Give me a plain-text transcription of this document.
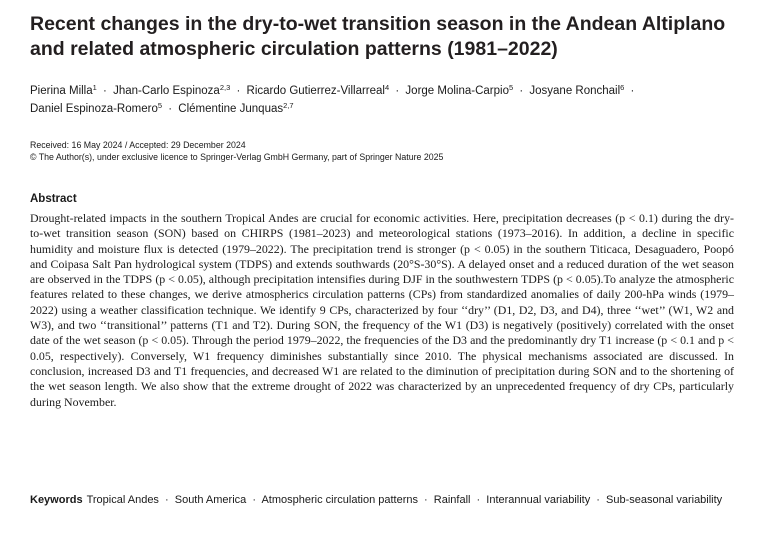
Recent changes in the dry-to-wet transition season in the Andean Altiplano and related atmospheric circulation patterns (1981–2022)
Pierina Milla$^1$ · Jhan-Carlo Espinoza$^{2,3}$ · Ricardo Gutierrez-Villarreal$^4$ · Jorge Molina-Carpio$^5$ · Josyane Ronchail$^6$ · Daniel Espinoza-Romero$^5$ · Clémentine Junquas$^{2,7}$
Received: 16 May 2024 / Accepted: 29 December 2024
© The Author(s), under exclusive licence to Springer-Verlag GmbH Germany, part of Springer Nature 2025
Abstract
Drought-related impacts in the southern Tropical Andes are crucial for economic activities. Here, precipitation decreases (p < 0.1) during the dry-to-wet transition season (SON) based on CHIRPS (1981–2023) and meteorological stations (1973–2016). In addition, a decline in specific humidity and moisture flux is detected (1979–2022). The precipitation trend is stronger (p < 0.05) in the southern Titicaca, Desaguadero, Poopó and Coipasa Salt Pan hydrological system (TDPS) and extends southwards (20°S-30°S). A delayed onset and a reduced duration of the wet season are observed in the TDPS (p < 0.05), although precipitation intensifies during DJF in the southwestern TDPS (p < 0.05).To analyze the atmospheric features related to these changes, we derive atmospherics circulation patterns (CPs) from standardized anomalies of daily 200-hPa winds (1979–2022) using a weather classification technique. We identify 9 CPs, characterized by four ‘‘dry’’ (D1, D2, D3, and D4), three ‘‘wet’’ (W1, W2 and W3), and two ‘‘transitional’’ patterns (T1 and T2). During SON, the frequency of the W1 (D3) is negatively (positively) correlated with the onset date of the wet season (p < 0.05). Through the period 1979–2022, the frequencies of the D3 and the predominantly dry T1 increase (p < 0.1 and p < 0.05, respectively). Conversely, W1 frequency diminishes substantially since 2010. The physical mechanisms associated are discussed. In conclusion, increased D3 and T1 frequencies, and decreased W1 are related to the diminution of precipitation during SON and to the shortening of the wet season length. We also show that the extreme drought of 2022 was characterized by an unprecedented frequency of dry CPs, particularly during November.
Keywords Tropical Andes · South America · Atmospheric circulation patterns · Rainfall · Interannual variability · Sub-seasonal variability
